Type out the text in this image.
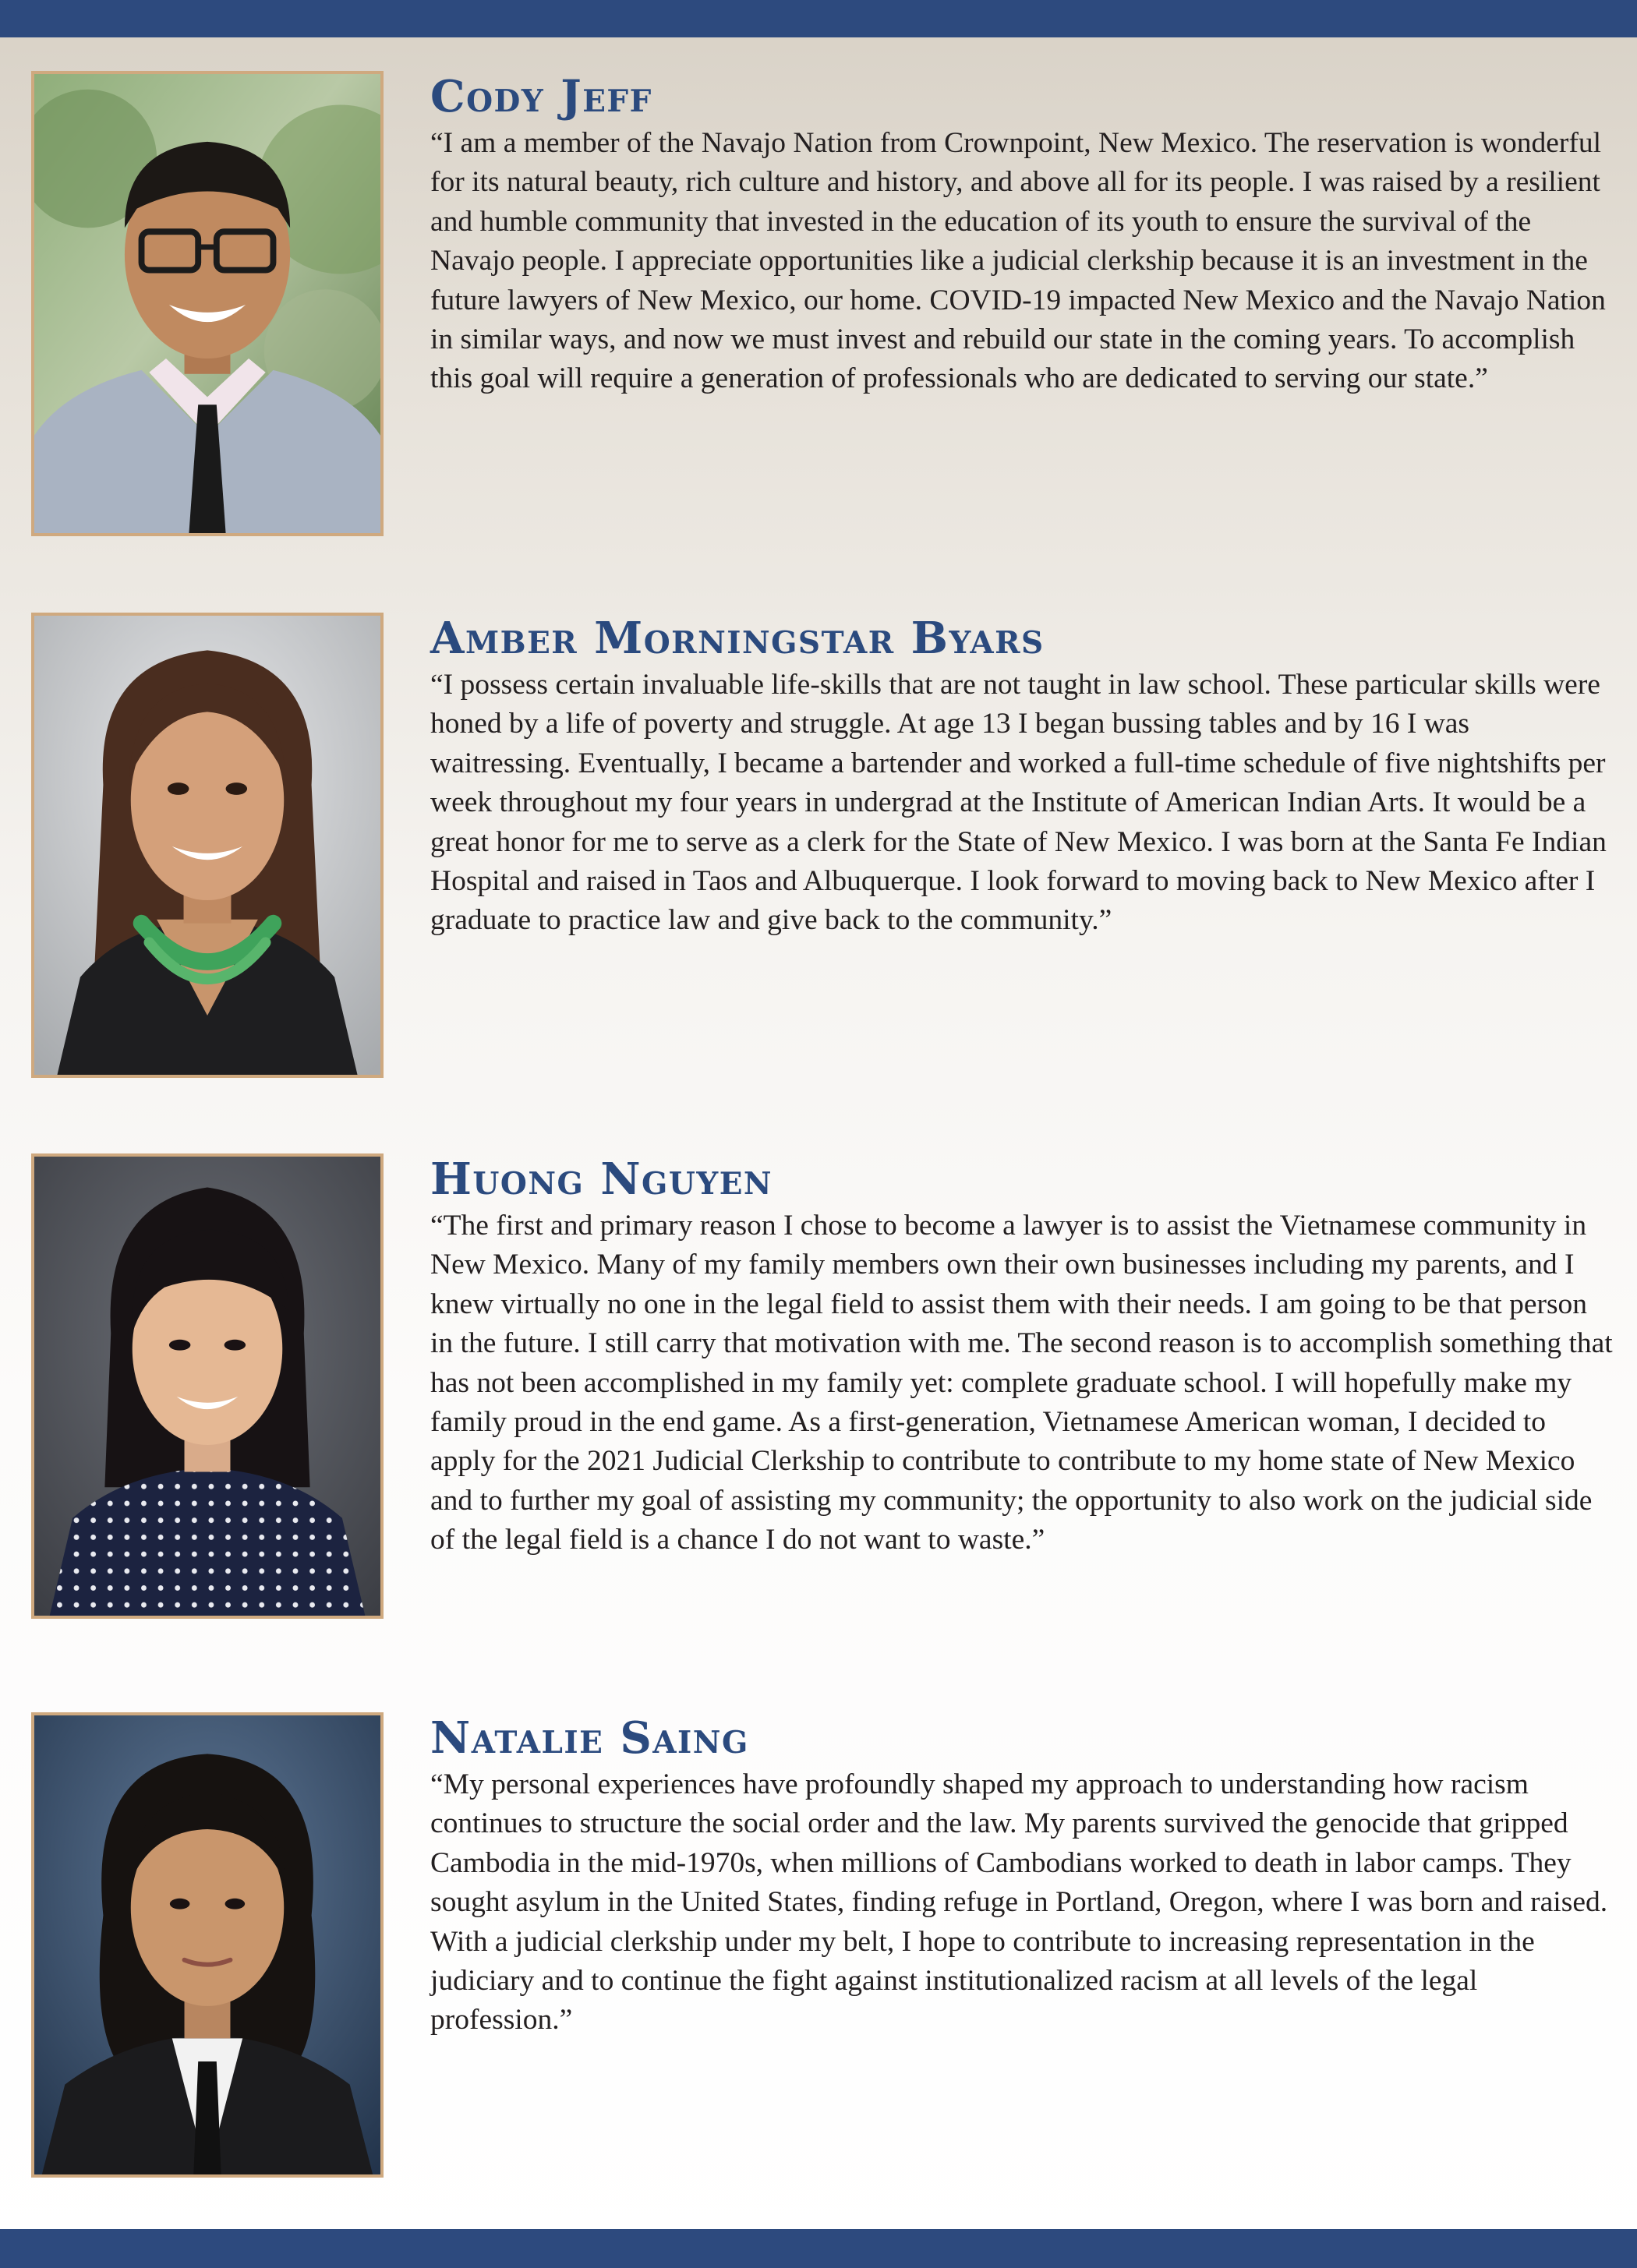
Cody Jeff

“I am a member of the Navajo Nation from Crownpoint, New Mexico. The reservation is wonderful for its natural beauty, rich culture and history, and above all for its people. I was raised by a resilient and humble community that invested in the education of its youth to ensure the survival of the Navajo people. I appreciate opportunities like a judicial clerkship because it is an investment in the future lawyers of New Mexico, our home. COVID-19 impacted New Mexico and the Navajo Nation in similar ways, and now we must invest and rebuild our state in the coming years. To accomplish this goal will require a generation of professionals who are dedicated to serving our state.”

Amber Morningstar Byars

“I possess certain invaluable life-skills that are not taught in law school. These particular skills were honed by a life of poverty and struggle. At age 13 I began bussing tables and by 16 I was waitressing. Eventually, I became a bartender and worked a full-time schedule of five nightshifts per week throughout my four years in undergrad at the Institute of American Indian Arts. It would be a great honor for me to serve as a clerk for the State of New Mexico. I was born at the Santa Fe Indian Hospital and raised in Taos and Albuquerque. I look forward to moving back to New Mexico after I graduate to practice law and give back to the community.”

Huong Nguyen

“The first and primary reason I chose to become a lawyer is to assist the Vietnamese community in New Mexico. Many of my family members own their own businesses including my parents, and I knew virtually no one in the legal field to assist them with their needs. I am going to be that person in the future. I still carry that motivation with me. The second reason is to accomplish something that has not been accomplished in my family yet: complete graduate school. I will hopefully make my family proud in the end game. As a first-generation, Vietnamese American woman, I decided to apply for the 2021 Judicial Clerkship to contribute to contribute to my home state of New Mexico and to further my goal of assisting my community; the opportunity to also work on the judicial side of the legal field is a chance I do not want to waste.”

Natalie Saing

“My personal experiences have profoundly shaped my approach to understanding how racism continues to structure the social order and the law. My parents survived the genocide that gripped Cambodia in the mid-1970s, when millions of Cambodians worked to death in labor camps. They sought asylum in the United States, finding refuge in Portland, Oregon, where I was born and raised. With a judicial clerkship under my belt, I hope to contribute to increasing representation in the judiciary and to continue the fight against institutionalized racism at all levels of the legal profession.”
